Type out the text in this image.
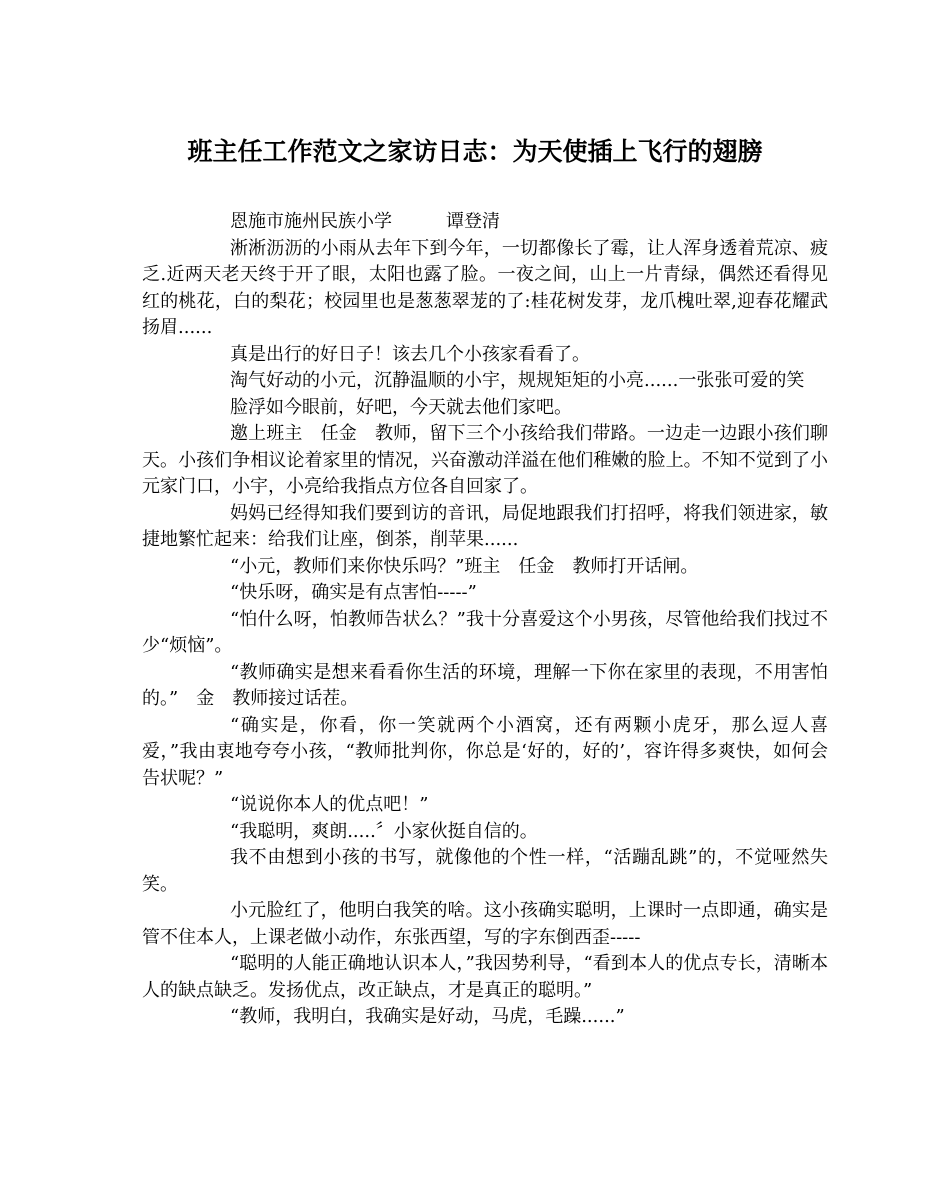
班主任工作范文之家访日志：为天使插上飞行的翅膀

恩施市施州民族小学　　　谭登清

淅淅沥沥的小雨从去年下到今年，一切都像长了霉，让人浑身透着荒凉、疲乏.近两天老天终于开了眼，太阳也露了脸。一夜之间，山上一片青绿，偶然还看得见红的桃花，白的梨花；校园里也是葱葱翠茏的了:桂花树发芽，龙爪槐吐翠,迎春花耀武扬眉......

真是出行的好日子！该去几个小孩家看看了。

淘气好动的小元，沉静温顺的小宇，规规矩矩的小亮......一张张可爱的笑

脸浮如今眼前，好吧，今天就去他们家吧。

邀上班主　任金　教师，留下三个小孩给我们带路。一边走一边跟小孩们聊天。小孩们争相议论着家里的情况，兴奋激动洋溢在他们稚嫩的脸上。不知不觉到了小元家门口，小宇，小亮给我指点方位各自回家了。

妈妈已经得知我们要到访的音讯，局促地跟我们打招呼，将我们领进家，敏捷地繁忙起来：给我们让座，倒茶，削苹果......

“小元，教师们来你快乐吗？”班主　任金　教师打开话闸。

“快乐呀，确实是有点害怕-----”

“怕什么呀，怕教师告状么？”我十分喜爱这个小男孩，尽管他给我们找过不少“烦恼”。

“教师确实是想来看看你生活的环境，理解一下你在家里的表现，不用害怕的。”　金　教师接过话茬。

“确实是，你看，你一笑就两个小酒窝，还有两颗小虎牙，那么逗人喜爱，”我由衷地夸夸小孩，“教师批判你，你总是‘好的，好的’，容许得多爽快，如何会告状呢？”

“说说你本人的优点吧！”

“我聪明，爽朗.....〞小家伙挺自信的。

我不由想到小孩的书写，就像他的个性一样，“活蹦乱跳”的，不觉哑然失笑。

小元脸红了，他明白我笑的啥。这小孩确实聪明，上课时一点即通，确实是管不住本人，上课老做小动作，东张西望，写的字东倒西歪-----

“聪明的人能正确地认识本人，”我因势利导，“看到本人的优点专长，清晰本人的缺点缺乏。发扬优点，改正缺点，才是真正的聪明。”

“教师，我明白，我确实是好动，马虎，毛躁......”
